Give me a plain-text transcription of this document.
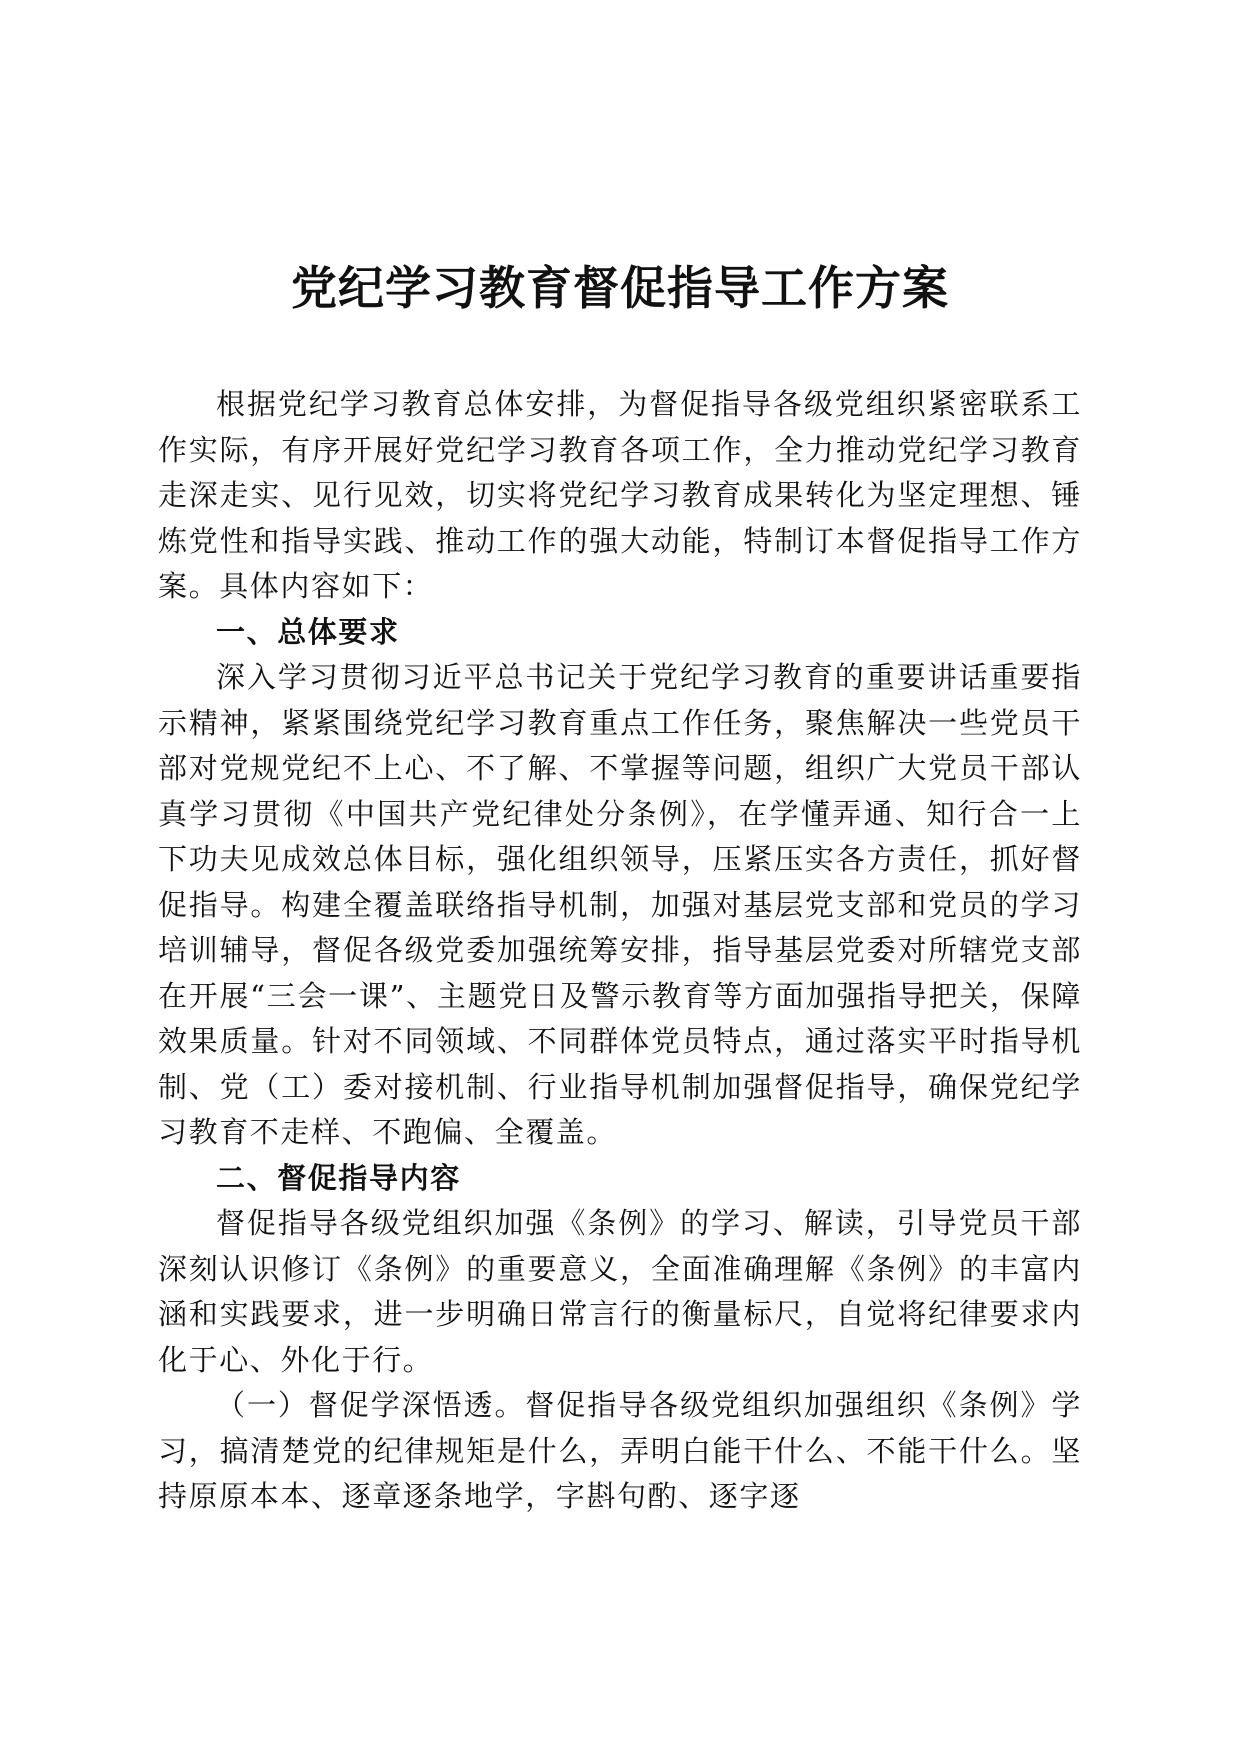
党纪学习教育督促指导工作方案

根据党纪学习教育总体安排，为督促指导各级党组织紧密联系工作实际，有序开展好党纪学习教育各项工作，全力推动党纪学习教育走深走实、见行见效，切实将党纪学习教育成果转化为坚定理想、锤炼党性和指导实践、推动工作的强大动能，特制订本督促指导工作方案。具体内容如下：

一、总体要求

深入学习贯彻习近平总书记关于党纪学习教育的重要讲话重要指示精神，紧紧围绕党纪学习教育重点工作任务，聚焦解决一些党员干部对党规党纪不上心、不了解、不掌握等问题，组织广大党员干部认真学习贯彻《中国共产党纪律处分条例》，在学懂弄通、知行合一上下功夫见成效总体目标，强化组织领导，压紧压实各方责任，抓好督促指导。构建全覆盖联络指导机制，加强对基层党支部和党员的学习培训辅导，督促各级党委加强统筹安排，指导基层党委对所辖党支部在开展“三会一课”、主题党日及警示教育等方面加强指导把关，保障效果质量。针对不同领域、不同群体党员特点，通过落实平时指导机制、党（工）委对接机制、行业指导机制加强督促指导，确保党纪学习教育不走样、不跑偏、全覆盖。

二、督促指导内容

督促指导各级党组织加强《条例》的学习、解读，引导党员干部深刻认识修订《条例》的重要意义，全面准确理解《条例》的丰富内涵和实践要求，进一步明确日常言行的衡量标尺，自觉将纪律要求内化于心、外化于行。

（一）督促学深悟透。督促指导各级党组织加强组织《条例》学习，搞清楚党的纪律规矩是什么，弄明白能干什么、不能干什么。坚持原原本本、逐章逐条地学，字斟句酌、逐字逐
